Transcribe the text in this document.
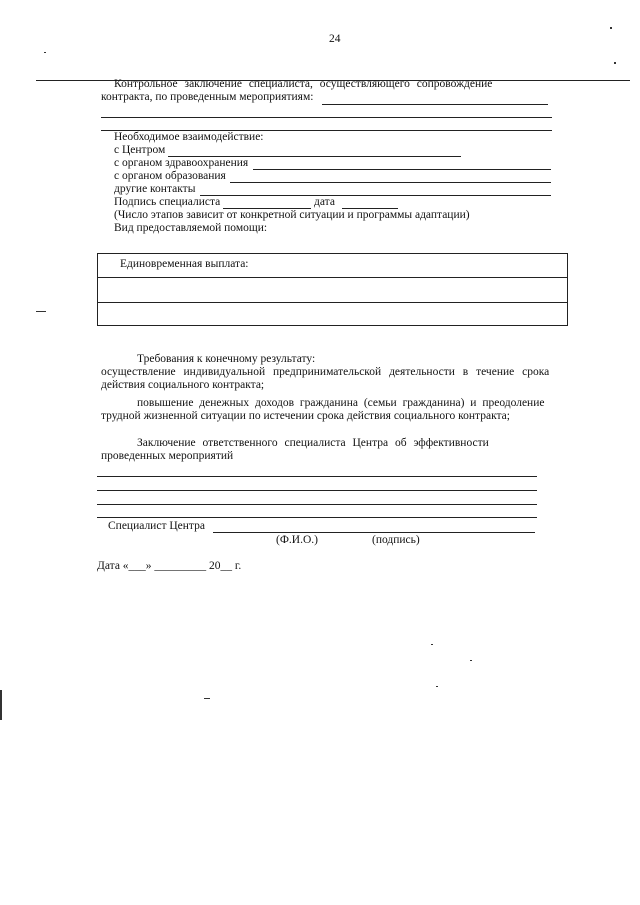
24
Контрольное заключение специалиста, осуществляющего сопровождение
контракта, по проведенным мероприятиям:
Необходимое взаимодействие:
с Центром
с органом здравоохранения
с органом образования
другие контакты
Подпись специалиста	дата
(Число этапов зависит от конкретной ситуации и программы адаптации)
Вид предоставляемой помощи:
Единовременная выплата:
Требования к конечному результату:
осуществление индивидуальной предпринимательской деятельности в течение срока
действия социального контракта;
повышение денежных доходов гражданина (семьи гражданина) и преодоление
трудной жизненной ситуации по истечении срока действия социального контракта;
Заключение ответственного специалиста Центра об эффективности
проведенных мероприятий
Специалист Центра
(Ф.И.О.)	(подпись)
Дата «___» _________ 20__ г.
